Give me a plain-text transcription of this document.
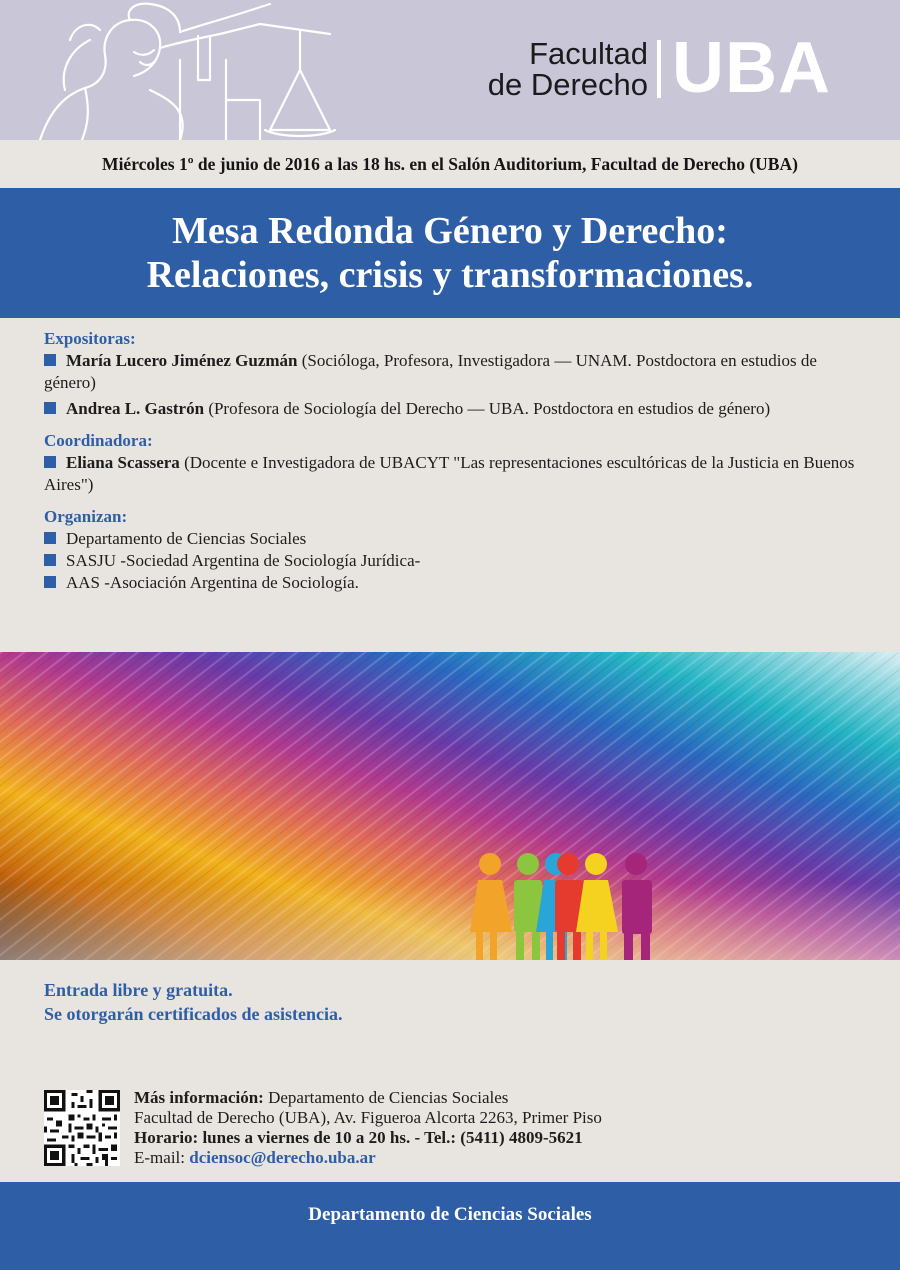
Facultad
de Derecho UBA

Miércoles 1º de junio de 2016 a las 18 hs. en el Salón Auditorium, Facultad de Derecho (UBA)

Mesa Redonda Género y Derecho:
Relaciones, crisis y transformaciones.

Expositoras:

María Lucero Jiménez Guzmán (Socióloga, Profesora, Investigadora — UNAM. Postdoctora en estudios de género)

Andrea L. Gastrón (Profesora de Sociología del Derecho — UBA. Postdoctora en estudios de género)

Coordinadora:

Eliana Scassera (Docente e Investigadora de UBACYT "Las representaciones escultóricas de la Justicia en Buenos Aires")

Organizan:

Departamento de Ciencias Sociales

SASJU -Sociedad Argentina de Sociología Jurídica-

AAS -Asociación Argentina de Sociología.

Entrada libre y gratuita.
Se otorgarán certificados de asistencia.
Más información: Departamento de Ciencias Sociales
Facultad de Derecho (UBA), Av. Figueroa Alcorta 2263, Primer Piso
Horario: lunes a viernes de 10 a 20 hs. - Tel.: (5411) 4809-5621
E-mail: dciensoc@derecho.uba.ar

Departamento de Ciencias Sociales
